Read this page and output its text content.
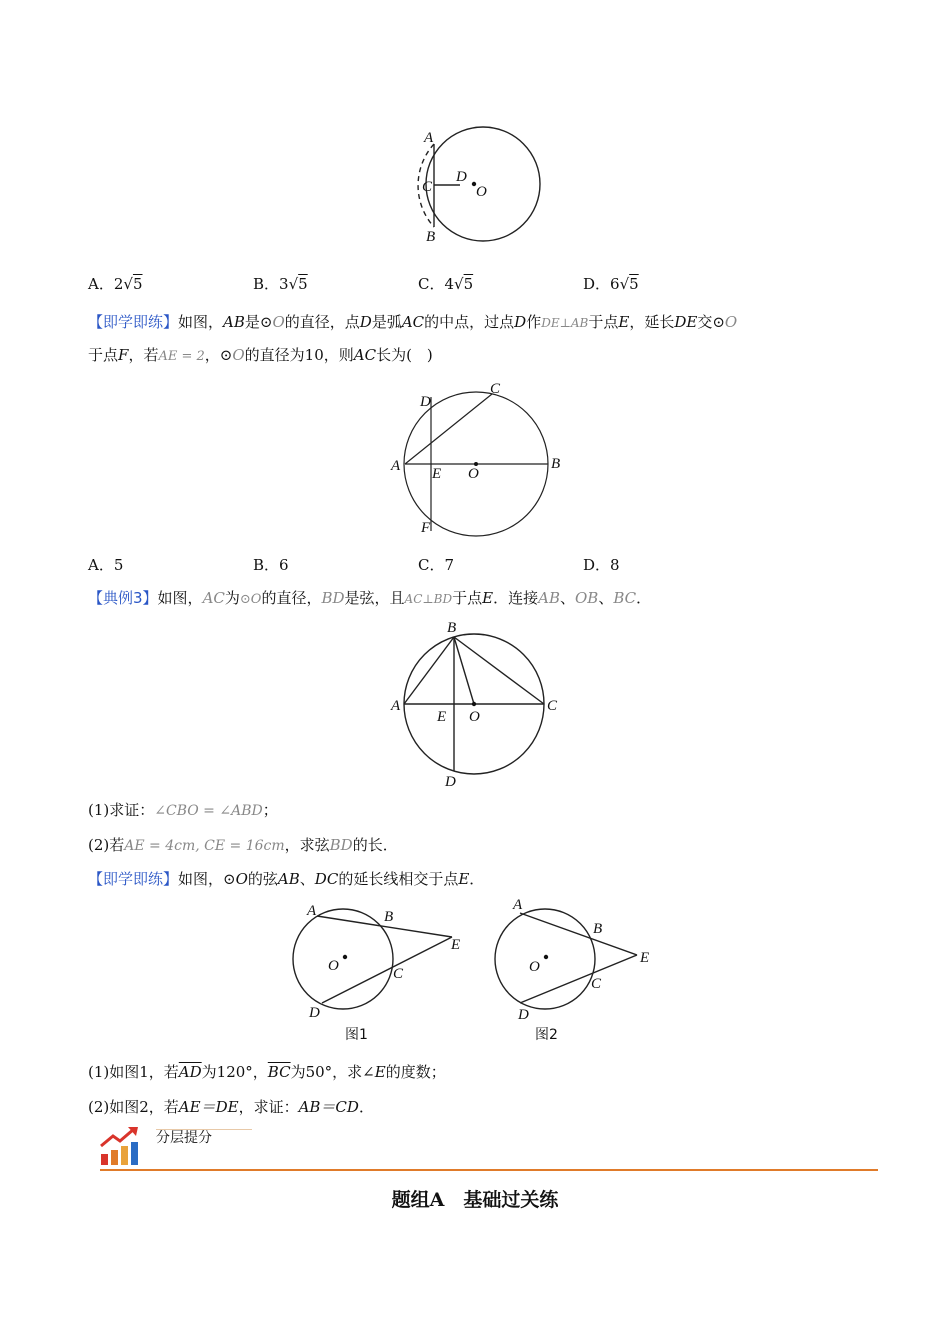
A
C
D
O
B
A．2√5	B．3√5	C．4√5	D．6√5
【即学即练】如图，AB是⊙O的直径，点D是弧AC的中点，过点D作DE⊥AB于点E，延长DE交⊙O
于点F，若AE = 2，⊙O的直径为10，则AC长为(　)
D
C
A E O
B
F
A．5	B．6	C．7	D．8
【典例3】如图，AC为⊙O的直径，BD是弦，且AC⊥BD于点E．连接AB、OB、BC．
B
A	C
E O
D
(1)求证：∠CBO = ∠ABD；
(2)若AE = 4cm, CE = 16cm，求弦BD的长．
【即学即练】如图，⊙O的弦AB、DC的延长线相交于点E．
A	B
E
O	C
D
图1
A
B
E
O
C
D
图2
(1)如图1，若$\overline{AD}$为120°，$\overline{BC}$为50°，求∠E的度数；
(2)如图2，若AE＝DE，求证：AB＝CD．
分层提分
题组A　基础过关练
